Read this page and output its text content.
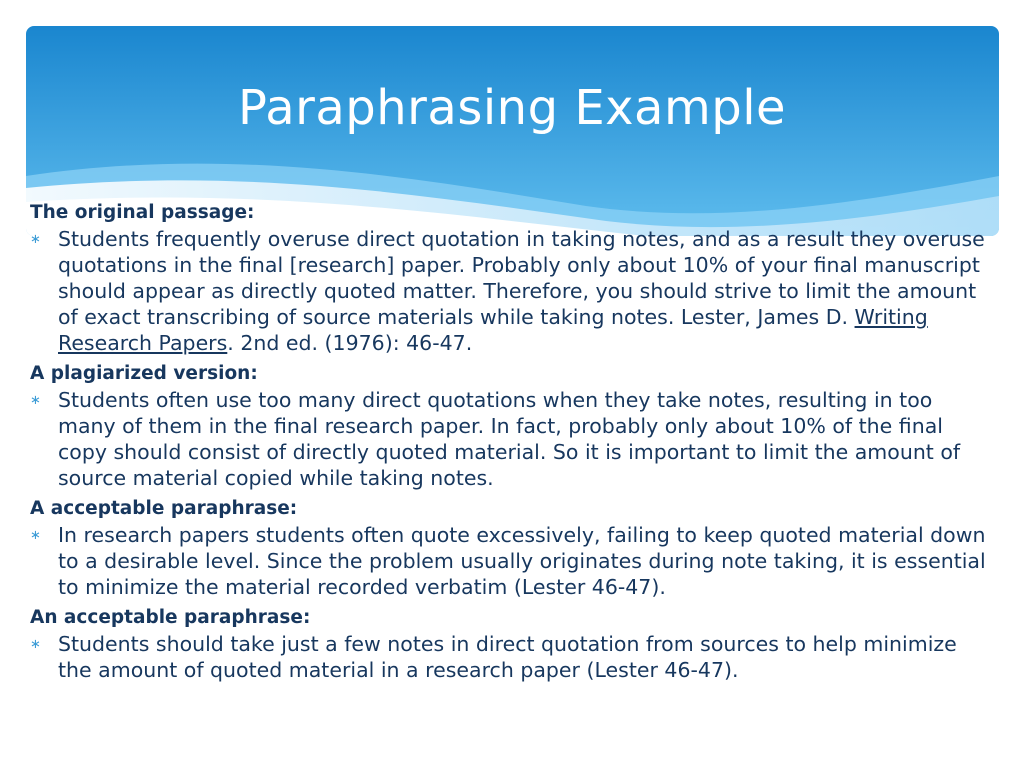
Paraphrasing Example
The original passage:
∗ Students frequently overuse direct quotation in taking notes, and as a result they overuse quotations in the final [research] paper. Probably only about 10% of your final manuscript should appear as directly quoted matter. Therefore, you should strive to limit the amount of exact transcribing of source materials while taking notes. Lester, James D. Writing Research Papers. 2nd ed. (1976): 46-47.
A plagiarized version:
∗ Students often use too many direct quotations when they take notes, resulting in too many of them in the final research paper. In fact, probably only about 10% of the final copy should consist of directly quoted material. So it is important to limit the amount of source material copied while taking notes.
A acceptable paraphrase:
∗ In research papers students often quote excessively, failing to keep quoted material down to a desirable level. Since the problem usually originates during note taking, it is essential to minimize the material recorded verbatim (Lester 46-47).
An acceptable paraphrase:
∗ Students should take just a few notes in direct quotation from sources to help minimize the amount of quoted material in a research paper (Lester 46-47).
